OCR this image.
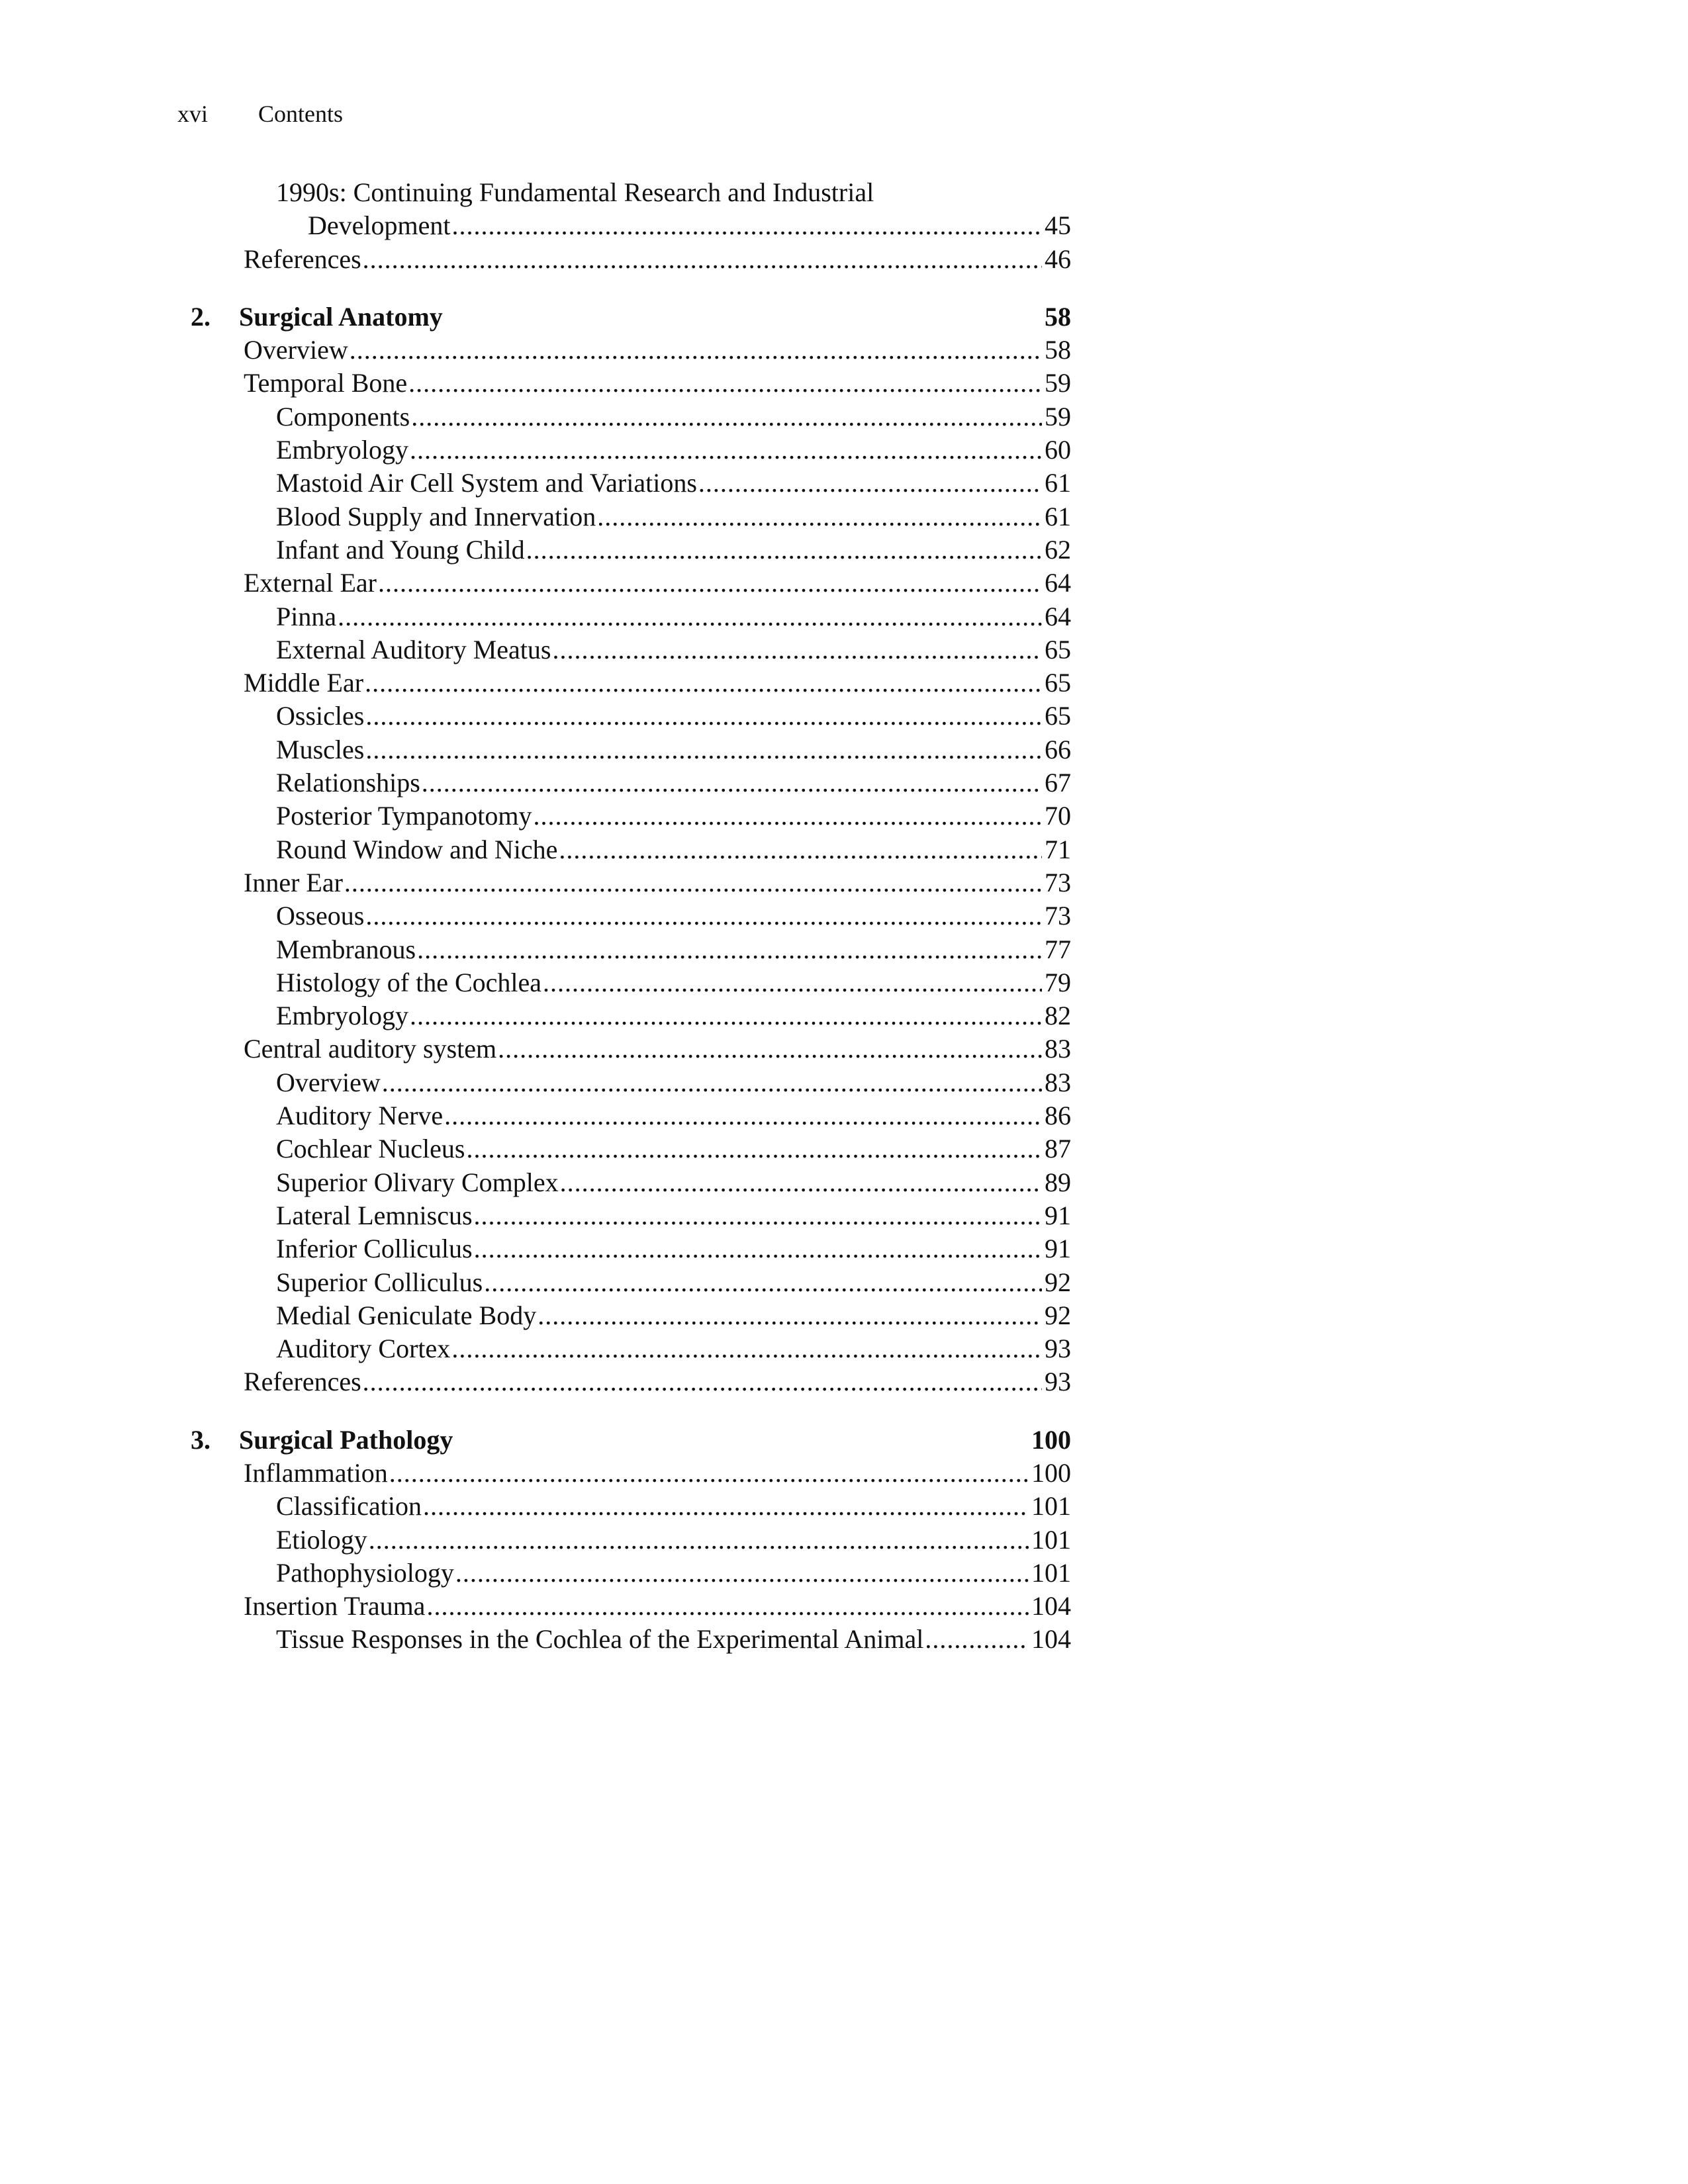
xvi Contents
1990s: Continuing Fundamental Research and Industrial
Development .....	45
References .....	46
2.	Surgical Anatomy	58
Overview .....	58
Temporal Bone .....	59
Components .....	59
Embryology .....	60
Mastoid Air Cell System and Variations .....	61
Blood Supply and Innervation .....	61
Infant and Young Child .....	62
External Ear .....	64
Pinna .....	64
External Auditory Meatus .....	65
Middle Ear .....	65
Ossicles .....	65
Muscles .....	66
Relationships .....	67
Posterior Tympanotomy .....	70
Round Window and Niche .....	71
Inner Ear .....	73
Osseous .....	73
Membranous .....	77
Histology of the Cochlea .....	79
Embryology .....	82
Central auditory system .....	83
Overview .....	83
Auditory Nerve .....	86
Cochlear Nucleus .....	87
Superior Olivary Complex .....	89
Lateral Lemniscus .....	91
Inferior Colliculus .....	91
Superior Colliculus .....	92
Medial Geniculate Body .....	92
Auditory Cortex .....	93
References .....	93
3.	Surgical Pathology	100
Inflammation .....	100
Classification .....	101
Etiology .....	101
Pathophysiology .....	101
Insertion Trauma .....	104
Tissue Responses in the Cochlea of the Experimental Animal .....	104
